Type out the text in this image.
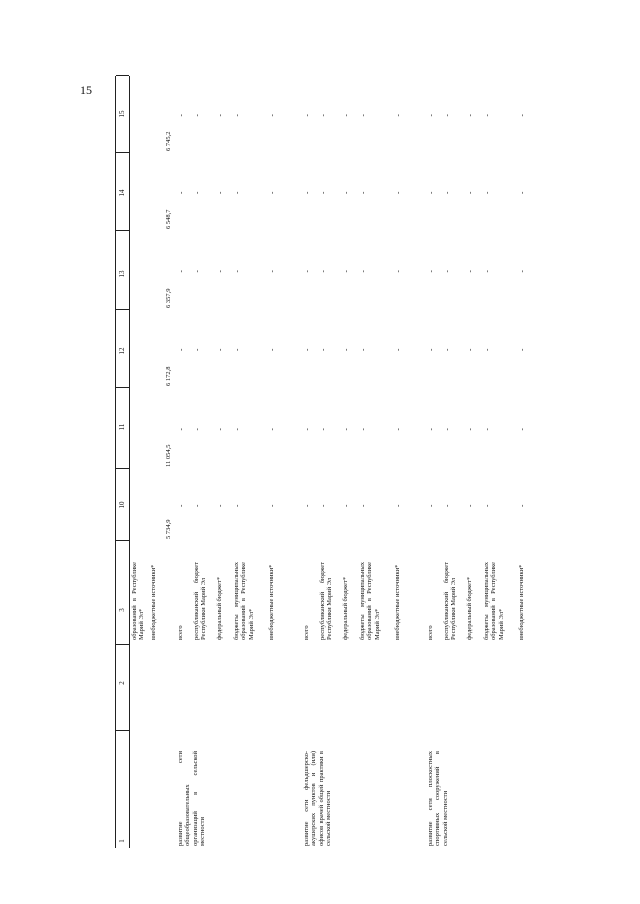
15
1
2
3
10
11
12
13
14
15
образований в Республике Марий Эл* внебюджетные источники*
5 734,9
11 054,5
6 172,8
6 357,9
6 548,7
6 745,2
развитие сети общеобразовательных организаций в сельской местности
всего
-
-
-
-
-
-
республиканский бюджет Республики Марий Эл
-
-
-
-
-
-
федеральный бюджет*
-
-
-
-
-
-
бюджеты муниципальных образований в Республике Марий Эл*
-
-
-
-
-
-
внебюджетные источники*
-
-
-
-
-
-
развитие сети фельдшерско-акушерских пунктов и (или) офисов врачей общей практики в сельской местности
всего
-
-
-
-
-
-
республиканский бюджет Республики Марий Эл
-
-
-
-
-
-
федеральный бюджет*
-
-
-
-
-
-
бюджеты муниципальных образований в Республике Марий Эл*
-
-
-
-
-
-
внебюджетные источники*
-
-
-
-
-
-
развитие сети плоскостных спортивных сооружений в сельской местности
всего
-
-
-
-
-
-
республиканский бюджет Республики Марий Эл
-
-
-
-
-
-
федеральный бюджет*
-
-
-
-
-
-
бюджеты муниципальных образований в Республике Марий Эл*
-
-
-
-
-
-
внебюджетные источники*
-
-
-
-
-
-
